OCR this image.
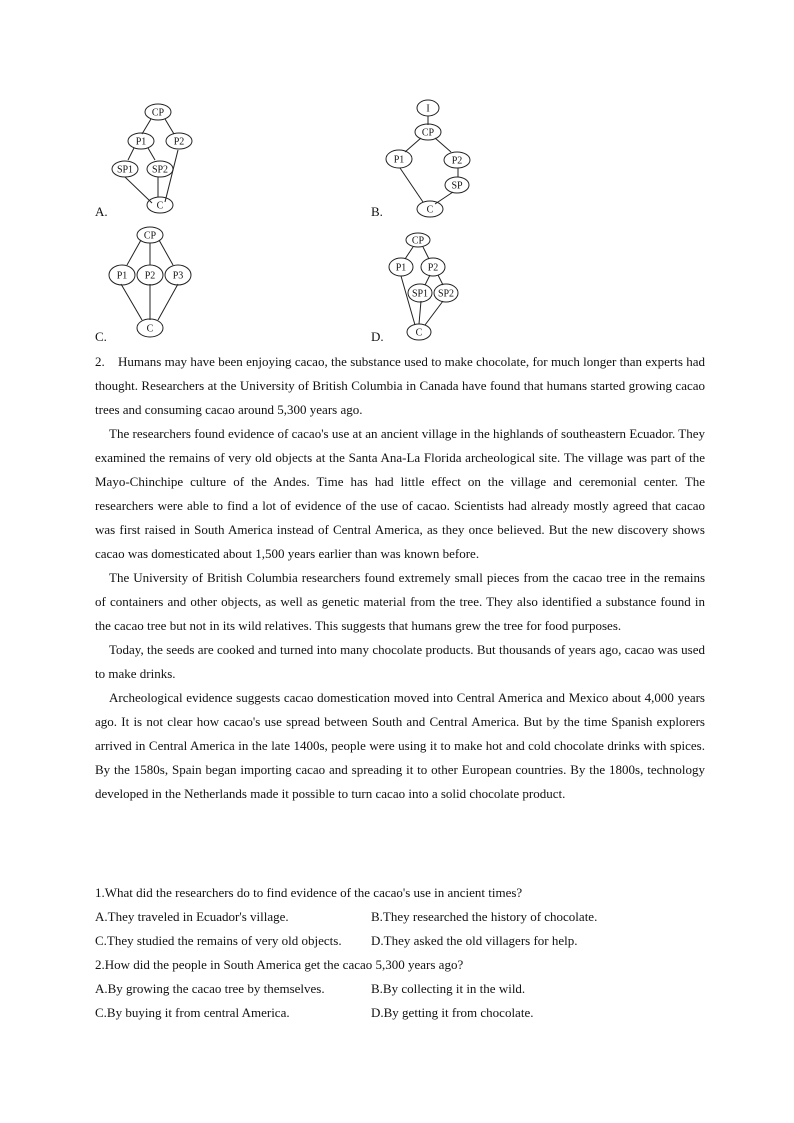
CP
P1	P2
SP1 SP2
C
A.
I
CP
P1	P2
SP
C
B.
CP
P1 P2 P3
C
C.
CP
P1 P2
SP1 SP2
C
D.

2. Humans may have been enjoying cacao, the substance used to make chocolate, for much longer than experts had thought. Researchers at the University of British Columbia in Canada have found that humans started growing cacao trees and consuming cacao around 5,300 years ago.

The researchers found evidence of cacao's use at an ancient village in the highlands of southeastern Ecuador. They examined the remains of very old objects at the Santa Ana-La Florida archeological site. The village was part of the Mayo-Chinchipe culture of the Andes. Time has had little effect on the village and ceremonial center. The researchers were able to find a lot of evidence of the use of cacao. Scientists had already mostly agreed that cacao was first raised in South America instead of Central America, as they once believed. But the new discovery shows cacao was domesticated about 1,500 years earlier than was known before.

The University of British Columbia researchers found extremely small pieces from the cacao tree in the remains of containers and other objects, as well as genetic material from the tree. They also identified a substance found in the cacao tree but not in its wild relatives. This suggests that humans grew the tree for food purposes.

Today, the seeds are cooked and turned into many chocolate products. But thousands of years ago, cacao was used to make drinks.

Archeological evidence suggests cacao domestication moved into Central America and Mexico about 4,000 years ago. It is not clear how cacao's use spread between South and Central America. But by the time Spanish explorers arrived in Central America in the late 1400s, people were using it to make hot and cold chocolate drinks with spices. By the 1580s, Spain began importing cacao and spreading it to other European countries. By the 1800s, technology developed in the Netherlands made it possible to turn cacao into a solid chocolate product.

1.What did the researchers do to find evidence of the cacao's use in ancient times?
A.They traveled in Ecuador's village.	B.They researched the history of chocolate.
C.They studied the remains of very old objects. D.They asked the old villagers for help.
2.How did the people in South America get the cacao 5,300 years ago?
A.By growing the cacao tree by themselves.	B.By collecting it in the wild.
C.By buying it from central America.	D.By getting it from chocolate.
